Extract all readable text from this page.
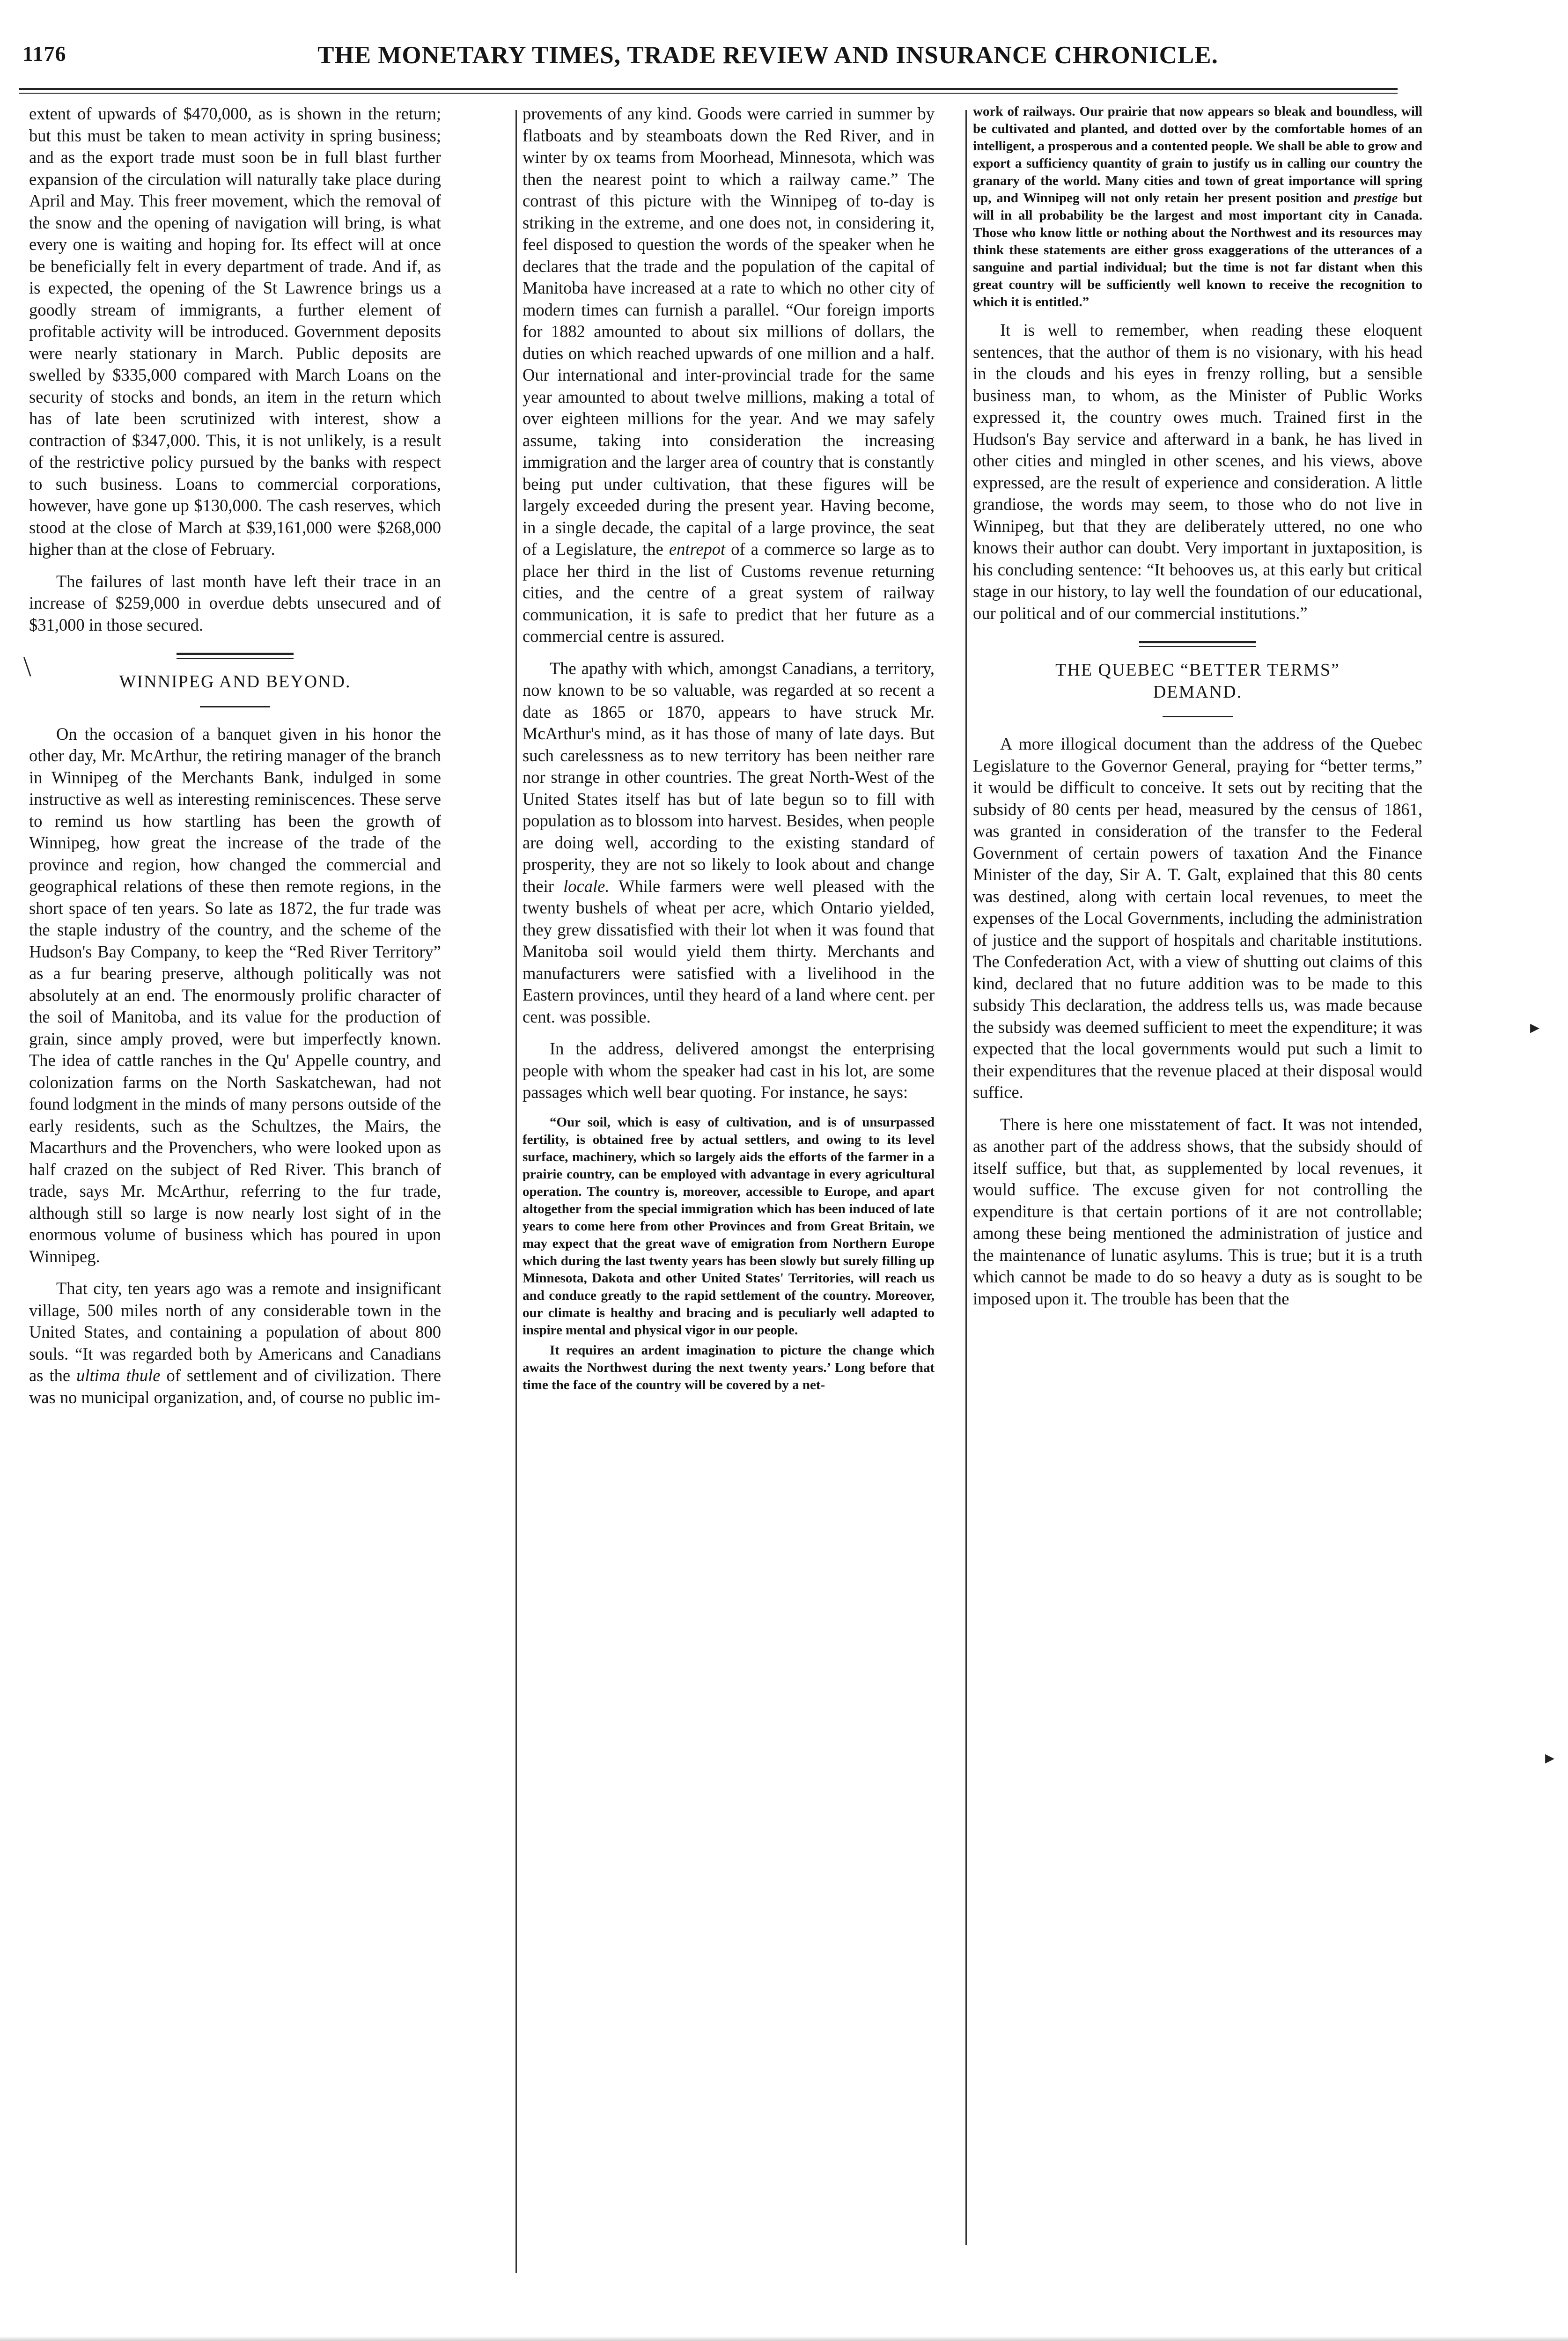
1176	THE MONETARY TIMES, TRADE REVIEW AND INSURANCE CHRONICLE.

extent of upwards of $470,000, as is shown in the return; but this must be taken to mean activity in spring business; and as the export trade must soon be in full blast further expansion of the circulation will naturally take place during April and May. This freer movement, which the removal of the snow and the opening of navigation will bring, is what every one is waiting and hoping for. Its effect will at once be beneficially felt in every department of trade. And if, as is expected, the opening of the St Lawrence brings us a goodly stream of immigrants, a further element of profitable activity will be introduced. Government deposits were nearly stationary in March. Public deposits are swelled by $335,000 compared with March Loans on the security of stocks and bonds, an item in the return which has of late been scrutinized with interest, show a contraction of $347,000. This, it is not unlikely, is a result of the restrictive policy pursued by the banks with respect to such business. Loans to commercial corporations, however, have gone up $130,000. The cash reserves, which stood at the close of March at $39,161,000 were $268,000 higher than at the close of February.

The failures of last month have left their trace in an increase of $259,000 in overdue debts unsecured and of $31,000 in those secured.

WINNIPEG AND BEYOND.

On the occasion of a banquet given in his honor the other day, Mr. McArthur, the retiring manager of the branch in Winnipeg of the Merchants Bank, indulged in some instructive as well as interesting reminiscences. These serve to remind us how startling has been the growth of Winnipeg, how great the increase of the trade of the province and region, how changed the commercial and geographical relations of these then remote regions, in the short space of ten years. So late as 1872, the fur trade was the staple industry of the country, and the scheme of the Hudson's Bay Company, to keep the “Red River Territory” as a fur bearing preserve, although politically was not absolutely at an end. The enormously prolific character of the soil of Manitoba, and its value for the production of grain, since amply proved, were but imperfectly known. The idea of cattle ranches in the Qu' Appelle country, and colonization farms on the North Saskatchewan, had not found lodgment in the minds of many persons outside of the early residents, such as the Schultzes, the Mairs, the Macarthurs and the Provenchers, who were looked upon as half crazed on the subject of Red River. This branch of trade, says Mr. McArthur, referring to the fur trade, although still so large is now nearly lost sight of in the enormous volume of business which has poured in upon Winnipeg.

That city, ten years ago was a remote and insignificant village, 500 miles north of any considerable town in the United States, and containing a population of about 800 souls. “It was regarded both by Americans and Canadians as the ultima thule of settlement and of civilization. There was no municipal organization, and, of course no public im-

provements of any kind. Goods were carried in summer by flatboats and by steamboats down the Red River, and in winter by ox teams from Moorhead, Minnesota, which was then the nearest point to which a railway came.” The contrast of this picture with the Winnipeg of to-day is striking in the extreme, and one does not, in considering it, feel disposed to question the words of the speaker when he declares that the trade and the population of the capital of Manitoba have increased at a rate to which no other city of modern times can furnish a parallel. “Our foreign imports for 1882 amounted to about six millions of dollars, the duties on which reached upwards of one million and a half. Our international and inter-provincial trade for the same year amounted to about twelve millions, making a total of over eighteen millions for the year. And we may safely assume, taking into consideration the increasing immigration and the larger area of country that is constantly being put under cultivation, that these figures will be largely exceeded during the present year. Having become, in a single decade, the capital of a large province, the seat of a Legislature, the entrepot of a commerce so large as to place her third in the list of Customs revenue returning cities, and the centre of a great system of railway communication, it is safe to predict that her future as a commercial centre is assured.

The apathy with which, amongst Canadians, a territory, now known to be so valuable, was regarded at so recent a date as 1865 or 1870, appears to have struck Mr. McArthur's mind, as it has those of many of late days. But such carelessness as to new territory has been neither rare nor strange in other countries. The great North-West of the United States itself has but of late begun so to fill with population as to blossom into harvest. Besides, when people are doing well, according to the existing standard of prosperity, they are not so likely to look about and change their locale. While farmers were well pleased with the twenty bushels of wheat per acre, which Ontario yielded, they grew dissatisfied with their lot when it was found that Manitoba soil would yield them thirty. Merchants and manufacturers were satisfied with a livelihood in the Eastern provinces, until they heard of a land where cent. per cent. was possible.

In the address, delivered amongst the enterprising people with whom the speaker had cast in his lot, are some passages which well bear quoting. For instance, he says:

“Our soil, which is easy of cultivation, and is of unsurpassed fertility, is obtained free by actual settlers, and owing to its level surface, machinery, which so largely aids the efforts of the farmer in a prairie country, can be employed with advantage in every agricultural operation. The country is, moreover, accessible to Europe, and apart altogether from the special immigration which has been induced of late years to come here from other Provinces and from Great Britain, we may expect that the great wave of emigration from Northern Europe which during the last twenty years has been slowly but surely filling up Minnesota, Dakota and other United States' Territories, will reach us and conduce greatly to the rapid settlement of the country. Moreover, our climate is healthy and bracing and is peculiarly well adapted to inspire mental and physical vigor in our people.

It requires an ardent imagination to picture the change which awaits the Northwest during the next twenty years.’ Long before that time the face of the country will be covered by a net-

work of railways. Our prairie that now appears so bleak and boundless, will be cultivated and planted, and dotted over by the comfortable homes of an intelligent, a prosperous and a contented people. We shall be able to grow and export a sufficiency quantity of grain to justify us in calling our country the granary of the world. Many cities and town of great importance will spring up, and Winnipeg will not only retain her present position and prestige but will in all probability be the largest and most important city in Canada. Those who know little or nothing about the Northwest and its resources may think these statements are either gross exaggerations of the utterances of a sanguine and partial individual; but the time is not far distant when this great country will be sufficiently well known to receive the recognition to which it is entitled.”

It is well to remember, when reading these eloquent sentences, that the author of them is no visionary, with his head in the clouds and his eyes in frenzy rolling, but a sensible business man, to whom, as the Minister of Public Works expressed it, the country owes much. Trained first in the Hudson's Bay service and afterward in a bank, he has lived in other cities and mingled in other scenes, and his views, above expressed, are the result of experience and consideration. A little grandiose, the words may seem, to those who do not live in Winnipeg, but that they are deliberately uttered, no one who knows their author can doubt. Very important in juxtaposition, is his concluding sentence: “It behooves us, at this early but critical stage in our history, to lay well the foundation of our educational, our political and of our commercial institutions.”

THE QUEBEC “BETTER TERMS”
DEMAND.

A more illogical document than the address of the Quebec Legislature to the Governor General, praying for “better terms,” it would be difficult to conceive. It sets out by reciting that the subsidy of 80 cents per head, measured by the census of 1861, was granted in consideration of the transfer to the Federal Government of certain powers of taxation And the Finance Minister of the day, Sir A. T. Galt, explained that this 80 cents was destined, along with certain local revenues, to meet the expenses of the Local Governments, including the administration of justice and the support of hospitals and charitable institutions. The Confederation Act, with a view of shutting out claims of this kind, declared that no future addition was to be made to this subsidy This declaration, the address tells us, was made because the subsidy was deemed sufficient to meet the expenditure; it was expected that the local governments would put such a limit to their expenditures that the revenue placed at their disposal would suffice.

There is here one misstatement of fact. It was not intended, as another part of the address shows, that the subsidy should of itself suffice, but that, as supplemented by local revenues, it would suffice. The excuse given for not controlling the expenditure is that certain portions of it are not controllable; among these being mentioned the administration of justice and the maintenance of lunatic asylums. This is true; but it is a truth which cannot be made to do so heavy a duty as is sought to be imposed upon it. The trouble has been that the

\
▸
▸
